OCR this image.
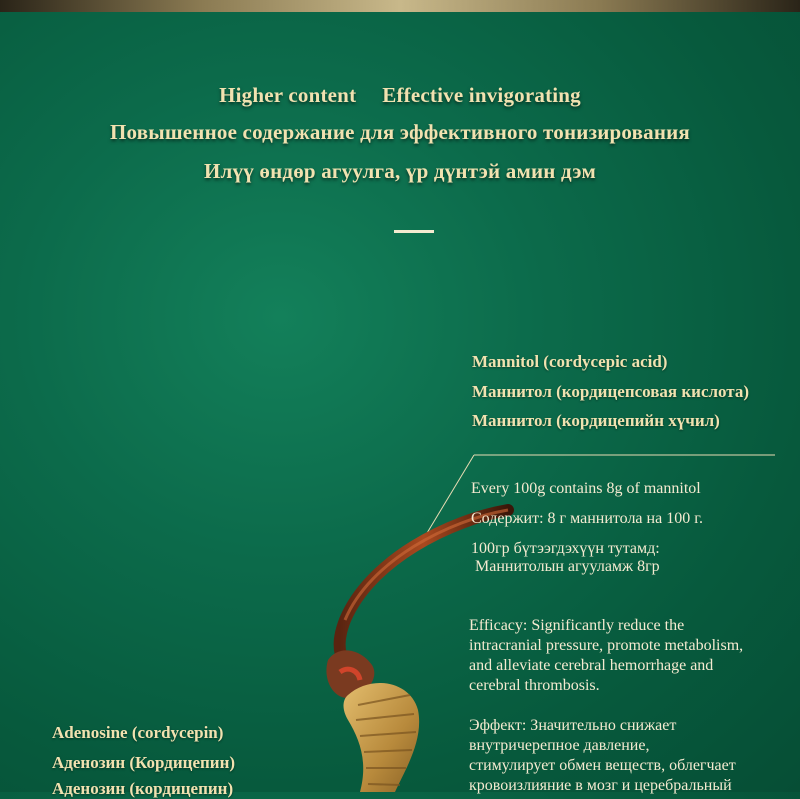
Higher content Effective invigorating
Повышенное содержание для эффективного тонизирования
Илүү өндөр агуулга, үр дүнтэй амин дэм
Mannitol (cordycepic acid)
Маннитол (кордицепсовая кислота)
Маннитол (кордицепийн хүчил)
Every 100g contains 8g of mannitol
Содержит: 8 г маннитола на 100 г.
100гр бүтээгдэхүүн тутамд:
Маннитолын агууламж 8гр
Efficacy: Significantly reduce the
intracranial pressure, promote metabolism,
and alleviate cerebral hemorrhage and
cerebral thrombosis.
Эффект: Значительно снижает
внутричерепное давление,
стимулирует обмен веществ, облегчает
кровоизлияние в мозг и церебральный
Adenosine (cordycepin)
Аденозин (Кордицепин)
Аденозин (кордицепин)
